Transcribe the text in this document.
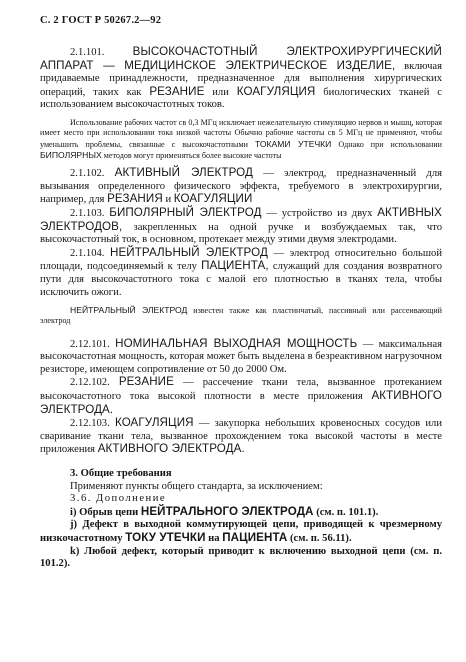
С. 2 ГОСТ Р 50267.2—92

2.1.101. ВЫСОКОЧАСТОТНЫЙ ЭЛЕКТРОХИРУРГИЧЕСКИЙ АППАРАТ — МЕДИЦИНСКОЕ ЭЛЕКТРИЧЕСКОЕ ИЗДЕЛИЕ, включая придаваемые принадлежности, предназначенное для выполнения хирургических операций, таких как РЕЗАНИЕ или КОАГУЛЯЦИЯ биологических тканей с использованием высокочастотных токов.

Использование рабочих частот св 0,3 МГц исключает нежелательную стимуляцию нервов и мышц, которая имеет место при использовании тока низкой частоты Обычно рабочие частоты св 5 МГц не применяют, чтобы уменьшить проблемы, связанные с высокочастотными ТОКАМИ УТЕЧКИ Однако при использовании БИПОЛЯРНЫХ методов могут применяться более высокие частоты

2.1.102. АКТИВНЫЙ ЭЛЕКТРОД — электрод, предназначенный для вызывания определенного физического эффекта, требуемого в электрохирургии, например, для РЕЗАНИЯ и КОАГУЛЯЦИИ

2.1.103. БИПОЛЯРНЫЙ ЭЛЕКТРОД — устройство из двух АКТИВНЫХ ЭЛЕКТРОДОВ, закрепленных на одной ручке и возбуждаемых так, что высокочастотный ток, в основном, протекает между этими двумя электродами.

2.1.104. НЕЙТРАЛЬНЫЙ ЭЛЕКТРОД — электрод относительно большой площади, подсоединяемый к телу ПАЦИЕНТА, служащий для создания возвратного пути для высокочастотного тока с малой его плотностью в тканях тела, чтобы исключить ожоги.

НЕЙТРАЛЬНЫЙ ЭЛЕКТРОД известен также как пластинчатый, пассивный или рассеивающий электрод

2.12.101. НОМИНАЛЬНАЯ ВЫХОДНАЯ МОЩНОСТЬ — максимальная высокочастотная мощность, которая может быть выделена в безреактивном нагрузочном резисторе, имеющем сопротивление от 50 до 2000 Ом.

2.12.102. РЕЗАНИЕ — рассечение ткани тела, вызванное протеканием высокочастотного тока высокой плотности в месте приложения АКТИВНОГО ЭЛЕКТРОДА.

2.12.103. КОАГУЛЯЦИЯ — закупорка небольших кровеносных сосудов или сваривание ткани тела, вызванное прохождением тока высокой частоты в месте приложения АКТИВНОГО ЭЛЕКТРОДА.

3. Общие требования

Применяют пункты общего стандарта, за исключением:

3.6. Дополнение

i) Обрыв цепи НЕЙТРАЛЬНОГО ЭЛЕКТРОДА (см. п. 101.1).

j) Дефект в выходной коммутирующей цепи, приводящей к чрезмерному низкочастотному ТОКУ УТЕЧКИ на ПАЦИЕНТА (см. п. 56.11).

k) Любой дефект, который приводит к включению выходной цепи (см. п. 101.2).
